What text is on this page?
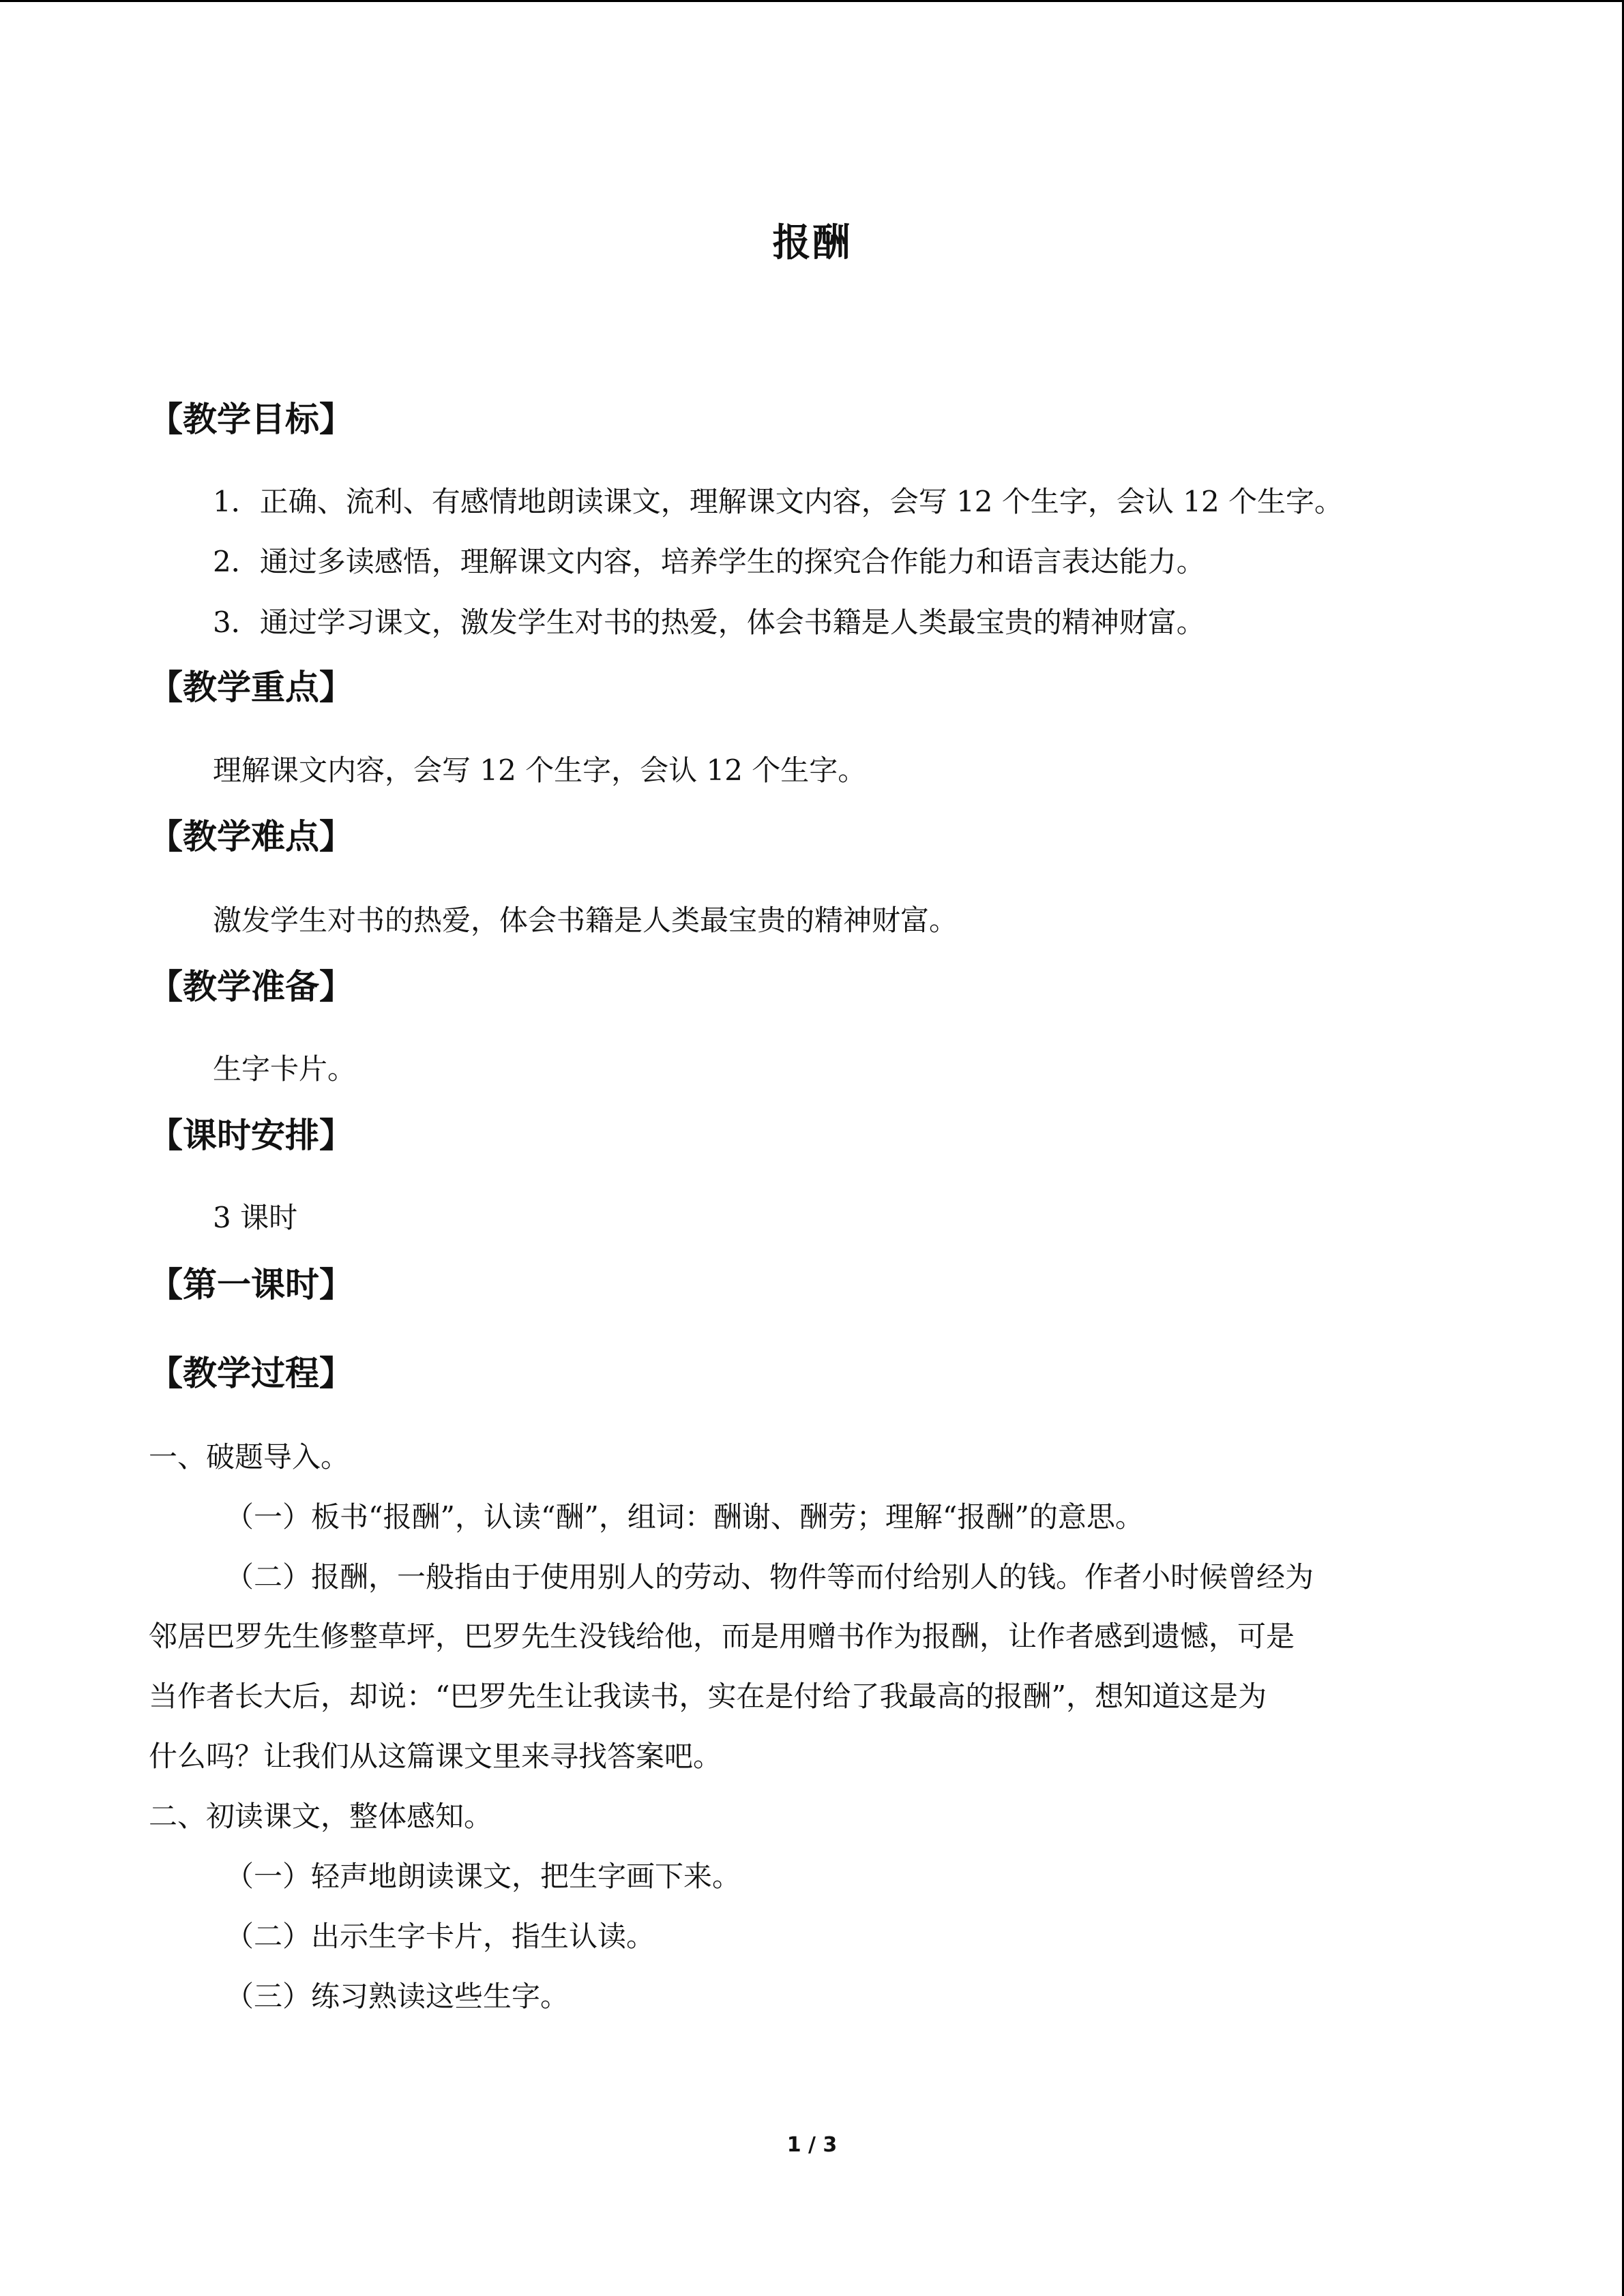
报酬
【教学目标】
1．正确、流利、有感情地朗读课文，理解课文内容，会写 12 个生字，会认 12 个生字。
2．通过多读感悟，理解课文内容，培养学生的探究合作能力和语言表达能力。
3．通过学习课文，激发学生对书的热爱，体会书籍是人类最宝贵的精神财富。
【教学重点】
理解课文内容，会写 12 个生字，会认 12 个生字。
【教学难点】
激发学生对书的热爱，体会书籍是人类最宝贵的精神财富。
【教学准备】
生字卡片。
【课时安排】
3 课时
【第一课时】
【教学过程】
一、破题导入。
（一）板书“报酬”，认读“酬”，组词：酬谢、酬劳；理解“报酬”的意思。
（二）报酬，一般指由于使用别人的劳动、物件等而付给别人的钱。作者小时候曾经为
邻居巴罗先生修整草坪，巴罗先生没钱给他，而是用赠书作为报酬，让作者感到遗憾，可是
当作者长大后，却说：“巴罗先生让我读书，实在是付给了我最高的报酬”，想知道这是为
什么吗？让我们从这篇课文里来寻找答案吧。
二、初读课文，整体感知。
（一）轻声地朗读课文，把生字画下来。
（二）出示生字卡片，指生认读。
（三）练习熟读这些生字。
1 / 3
